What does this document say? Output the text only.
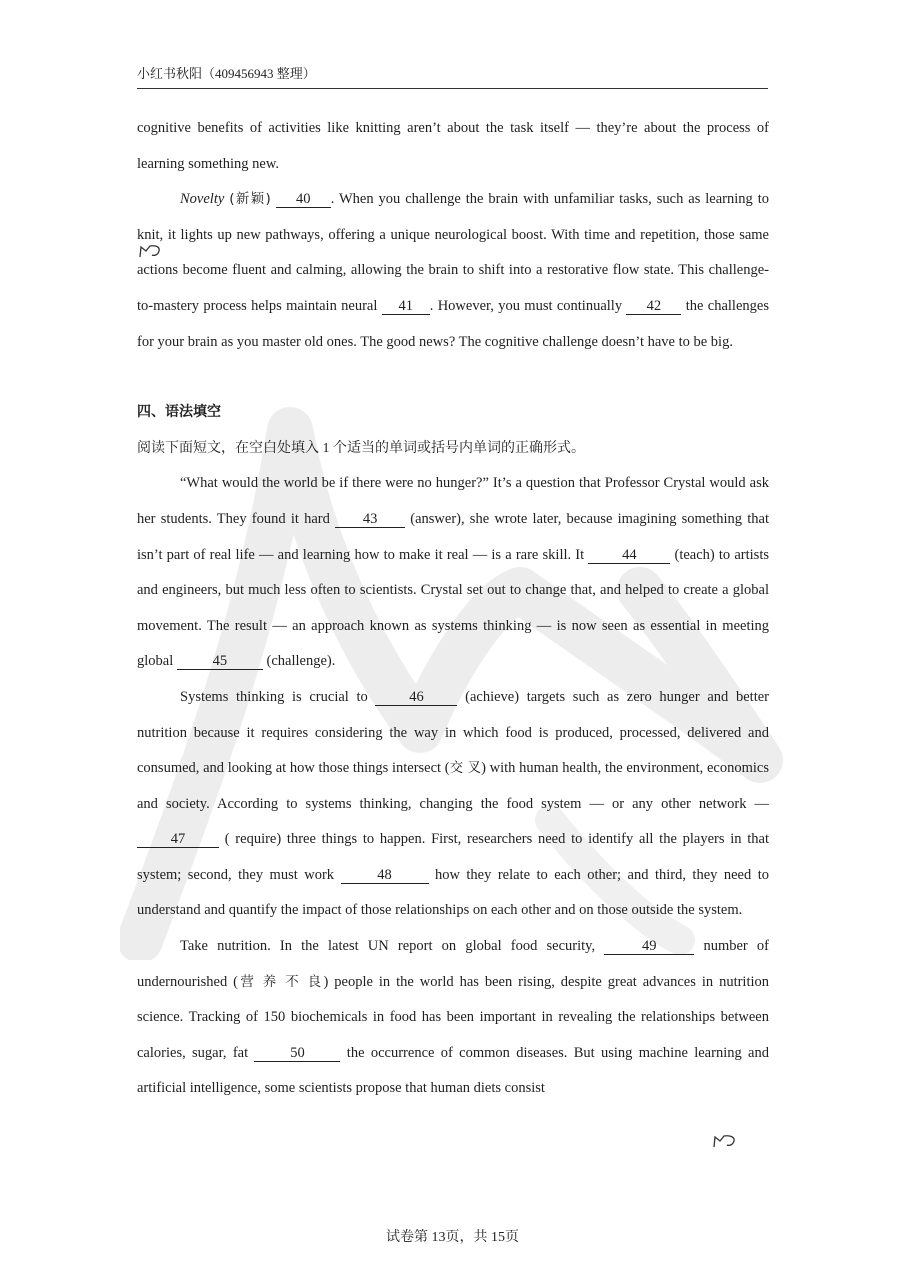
小红书秋阳（409456943 整理）

cognitive benefits of activities like knitting aren’t about the task itself — they’re about the process of learning something new.

Novelty (新颖) 40 . When you challenge the brain with unfamiliar tasks, such as learning to knit, it lights up new pathways, offering a unique neurological boost. With time and repetition, those same actions become fluent and calming, allowing the brain to shift into a restorative flow state. This challenge-to-mastery process helps maintain neural 41 . However, you must continually 42 the challenges for your brain as you master old ones. The good news? The cognitive challenge doesn’t have to be big.

四、语法填空

阅读下面短文，在空白处填入 1 个适当的单词或括号内单词的正确形式。

“What would the world be if there were no hunger?” It’s a question that Professor Crystal would ask her students. They found it hard 43 (answer), she wrote later, because imagining something that isn’t part of real life — and learning how to make it real — is a rare skill. It 44 (teach) to artists and engineers, but much less often to scientists. Crystal set out to change that, and helped to create a global movement. The result — an approach known as systems thinking — is now seen as essential in meeting global 45 (challenge).

Systems thinking is crucial to 46 (achieve) targets such as zero hunger and better nutrition because it requires considering the way in which food is produced, processed, delivered and consumed, and looking at how those things intersect (交 叉) with human health, the environment, economics and society. According to systems thinking, changing the food system — or any other network — 47 ( require) three things to happen. First, researchers need to identify all the players in that system; second, they must work	48	how they relate to each other; and third, they need to understand and quantify the impact of those relationships on each other and on those outside the system.

Take nutrition. In the latest UN report on global food security,	49	number of undernourished (营 养 不 良) people in the world has been rising, despite great advances in nutrition science. Tracking of 150 biochemicals in food has been important in revealing the relationships between calories, sugar, fat 50 the occurrence of common diseases. But using machine learning and artificial intelligence, some scientists propose that human diets consist

试卷第 13页，共 15页
